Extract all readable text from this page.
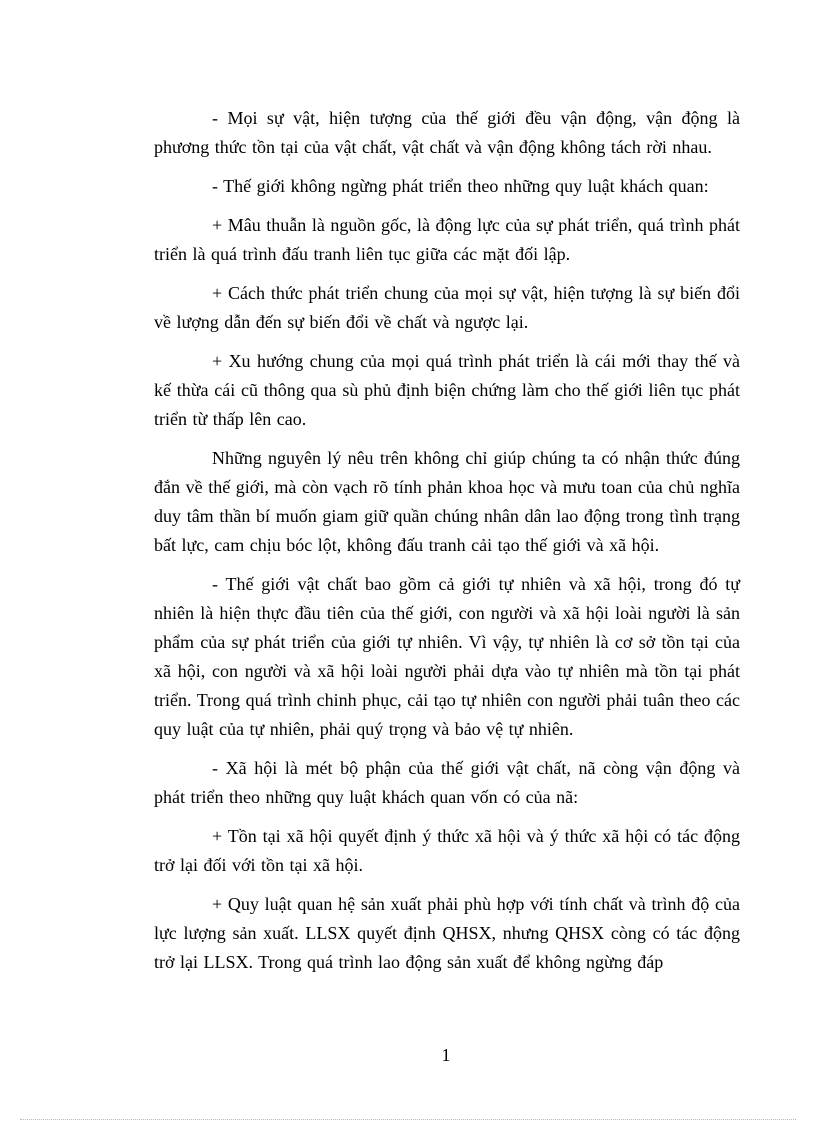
- Mọi sự vật, hiện tượng của thế giới đều vận động, vận động là phương thức tồn tại của vật chất, vật chất và vận động không tách rời nhau.

- Thế giới không ngừng phát triển theo những quy luật khách quan:

+ Mâu thuẫn là nguồn gốc, là động lực của sự phát triển, quá trình phát triển là quá trình đấu tranh liên tục giữa các mặt đối lập.

+ Cách thức phát triển chung của mọi sự vật, hiện tượng là sự biến đổi về lượng dẫn đến sự biến đổi về chất và ngược lại.

+ Xu hướng chung của mọi quá trình phát triển là cái mới thay thế và kế thừa cái cũ thông qua sù phủ định biện chứng làm cho thế giới liên tục phát triển từ thấp lên cao.

Những nguyên lý nêu trên không chỉ giúp chúng ta có nhận thức đúng đắn về thế giới, mà còn vạch rõ tính phản khoa học và mưu toan của chủ nghĩa duy tâm thần bí muốn giam giữ quần chúng nhân dân lao động trong tình trạng bất lực, cam chịu bóc lột, không đấu tranh cải tạo thế giới và xã hội.

- Thế giới vật chất bao gồm cả giới tự nhiên và xã hội, trong đó tự nhiên là hiện thực đầu tiên của thế giới, con người và xã hội loài người là sản phẩm của sự phát triển của giới tự nhiên. Vì vậy, tự nhiên là cơ sở tồn tại của xã hội, con người và xã hội loài người phải dựa vào tự nhiên mà tồn tại phát triển. Trong quá trình chinh phục, cải tạo tự nhiên con người phải tuân theo các quy luật của tự nhiên, phải quý trọng và bảo vệ tự nhiên.

- Xã hội là mét bộ phận của thế giới vật chất, nã còng vận động và phát triển theo những quy luật khách quan vốn có của nã:

+ Tồn tại xã hội quyết định ý thức xã hội và ý thức xã hội có tác động trở lại đối với tồn tại xã hội.

+ Quy luật quan hệ sản xuất phải phù hợp với tính chất và trình độ của lực lượng sản xuất. LLSX quyết định QHSX, nhưng QHSX còng có tác động trở lại LLSX. Trong quá trình lao động sản xuất để không ngừng đáp

1
